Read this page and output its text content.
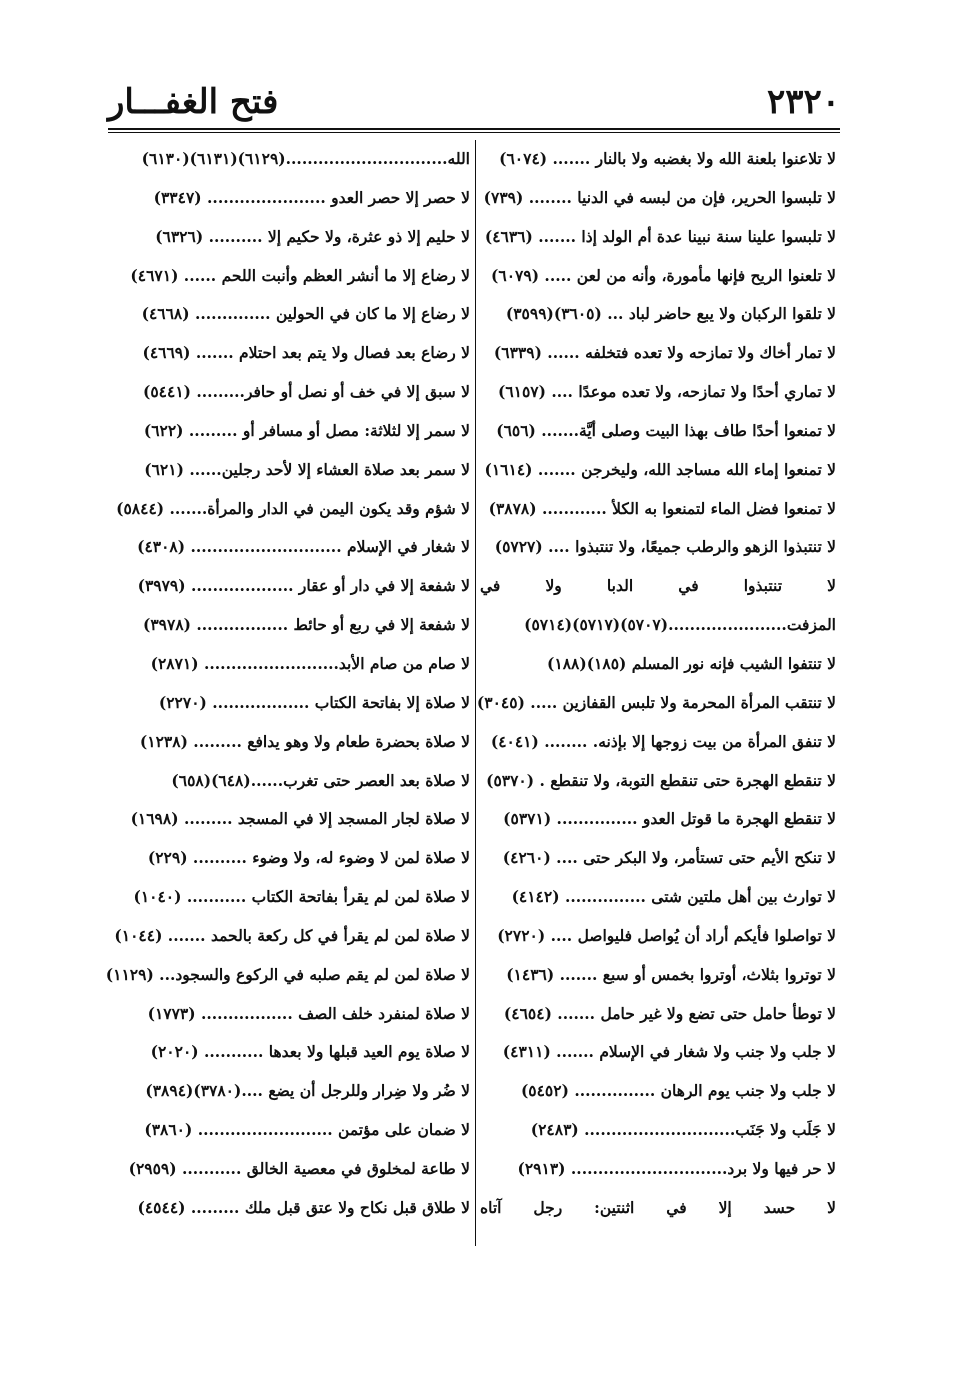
فتح الغفـــار	٢٣٢٠
لا تلاعنوا بلعنة الله ولا بغضبه ولا بالنار ....... (٦٠٧٤)
لا تلبسوا الحرير، فإن من لبسه في الدنيا ........ (٧٣٩)
لا تلبسوا علينا سنة نبينا عدة أم الولد إذا ....... (٤٦٣٦)
لا تلعنوا الريح فإنها مأمورة، وأنه من لعن ..... (٦٠٧٩)
لا تلقوا الركبان ولا يبع حاضر لباد ... (٣٦٠٥)(٣٥٩٩)
لا تمار أخاك ولا تمازحه ولا تعده فتخلفه ...... (٦٣٣٩)
لا تماري أحدًا ولا تمازحه، ولا تعده موعدًا .... (٦١٥٧)
لا تمنعوا أحدًا طاف بهذا البيت وصلى أيَّة....... (٦٥٦)
لا تمنعوا إماء الله مساجد الله، وليخرجن ....... (١٦١٤)
لا تمنعوا فضل الماء لتمنعوا به الكلأ ............ (٣٨٧٨)
لا تنتبذوا الزهو والرطب جميعًا، ولا تنتبذوا .... (٥٧٢٧)
لا تنتبذوا في الدبا ولا في
المزفت......................(٥٧٠٧)(٥٧١٧)(٥٧١٤)
لا تنتفوا الشيب فإنه نور المسلم (١٨٥)(١٨٨)
لا تنتقب المرأة المحرمة ولا تلبس القفازين ..... (٣٠٤٥)
لا تنفق المرأة من بيت زوجها إلا بإذنه. ........ (٤٠٤١)
لا تنقطع الهجرة حتى تنقطع التوبة، ولا تنقطع . (٥٣٧٠)
لا تنقطع الهجرة ما قوتل العدو ............... (٥٣٧١)
لا تنكح الأيم حتى تستأمر، ولا البكر حتى .... (٤٢٦٠)
لا توارث بين أهل ملتين شتى ............... (٤١٤٢)
لا تواصلوا فأيكم أراد أن يُواصل فليواصل .... (٢٧٢٠)
لا توتروا بثلاث، أوتروا بخمس أو سبع ....... (١٤٣٦)
لا توطأ حامل حتى تضع ولا غير حامل ....... (٤٦٥٤)
لا جلب ولا جنب ولا شغار في الإسلام ....... (٤٣١١)
لا جلب ولا جنب يوم الرهان ............... (٥٤٥٢)
لا جَلَب ولا جَنَب............................ (٢٤٨٣)
لا حر فيها ولا برد............................. (٢٩١٣)
لا حسد إلا في اثنتين: رجل آتاه
الله..............................(٦١٢٩)(٦١٣١)(٦١٣٠)
لا حصر إلا حصر العدو ...................... (٣٣٤٧)
لا حليم إلا ذو عثرة، ولا حكيم إلا .......... (٦٣٢٦)
لا رضاع إلا ما أنشر العظم وأنبت اللحم ...... (٤٦٧١)
لا رضاع إلا ما كان في الحولين .............. (٤٦٦٨)
لا رضاع بعد فصال ولا يتم بعد احتلام ....... (٤٦٦٩)
لا سبق إلا في خف أو نصل أو حافر......... (٥٤٤١)
لا سمر إلا لثلاثة: مصل أو مسافر أو ......... (٦٢٢)
لا سمر بعد صلاة العشاء إلا لأحد رجلين...... (٦٢١)
لا شؤم وقد يكون اليمن في الدار والمرأة....... (٥٨٤٤)
لا شغار في الإسلام ............................ (٤٣٠٨)
لا شفعة إلا في دار أو عقار ................... (٣٩٧٩)
لا شفعة إلا في ربع أو حائط ................. (٣٩٧٨)
لا صام من صام الأبد......................... (٢٨٧١)
لا صلاة إلا بفاتحة الكتاب .................. (٢٢٧٠)
لا صلاة بحضرة طعام ولا وهو يدافع ......... (١٢٣٨)
لا صلاة بعد العصر حتى تغرب......(٦٤٨)(٦٥٨)
لا صلاة لجار المسجد إلا في المسجد ......... (١٦٩٨)
لا صلاة لمن لا وضوء له، ولا وضوء .......... (٢٢٩)
لا صلاة لمن لم يقرأ بفاتحة الكتاب ........... (١٠٤٠)
لا صلاة لمن لم يقرأ في كل ركعة بالحمد ....... (١٠٤٤)
لا صلاة لمن لم يقم صلبه في الركوع والسجود... (١١٢٩)
لا صلاة لمنفرد خلف الصف ................. (١٧٧٣)
لا صلاة يوم العيد قبلها ولا بعدها ........... (٢٠٢٠)
لا ضُر ولا ضِرار وللرجل أن يضع ....(٣٧٨٠)(٣٨٩٤)
لا ضمان على مؤتمن ......................... (٣٨٦٠)
لا طاعة لمخلوق في معصية الخالق ........... (٢٩٥٩)
لا طلاق قبل نكاح ولا عتق قبل ملك ......... (٤٥٤٤)
